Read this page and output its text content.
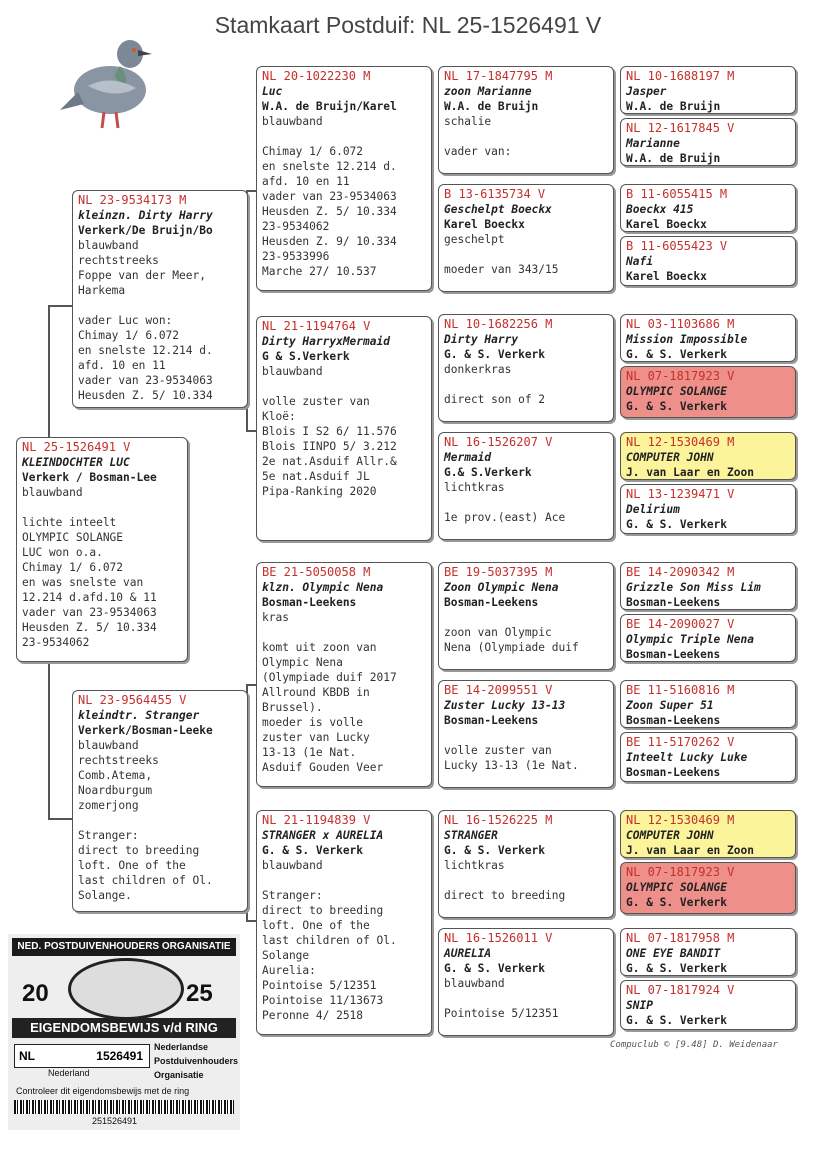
Stamkaart Postduif: NL 25-1526491 V
NL 25-1526491 V
KLEINDOCHTER LUC
Verkerk / Bosman-Lee
blauwband
lichte inteelt
OLYMPIC SOLANGE
LUC won o.a.
Chimay 1/ 6.072
en was snelste van
12.214 d.afd.10 & 11
vader van 23-9534063
Heusden Z. 5/ 10.334
23-9534062
NL 23-9534173 M
kleinzn. Dirty Harry
Verkerk/De Bruijn/Bo
blauwband
rechtstreeks
Foppe van der Meer,
Harkema
vader Luc won:
Chimay 1/ 6.072
en snelste 12.214 d.
afd. 10 en 11
vader van 23-9534063
Heusden Z. 5/ 10.334
NL 23-9564455 V
kleindtr. Stranger
Verkerk/Bosman-Leeke
blauwband
rechtstreeks
Comb.Atema,
Noardburgum
zomerjong
Stranger:
direct to breeding
loft. One of the
last children of Ol.
Solange.
NL 20-1022230 M
Luc
W.A. de Bruijn/Karel
blauwband
Chimay 1/ 6.072
en snelste 12.214 d.
afd. 10 en 11
vader van 23-9534063
Heusden Z. 5/ 10.334
23-9534062
Heusden Z. 9/ 10.334
23-9533996
Marche 27/ 10.537
NL 21-1194764 V
Dirty HarryxMermaid
G & S.Verkerk
blauwband
volle zuster van
Kloë:
Blois I S2 6/ 11.576
Blois IINPO 5/ 3.212
2e nat.Asduif Allr.&
5e nat.Asduif JL
Pipa-Ranking 2020
BE 21-5050058 M
klzn. Olympic Nena
Bosman-Leekens
kras
komt uit zoon van
Olympic Nena
(Olympiade duif 2017
Allround KBDB in
Brussel).
moeder is volle
zuster van Lucky
13-13 (1e Nat.
Asduif Gouden Veer
NL 21-1194839 V
STRANGER x AURELIA
G. & S. Verkerk
blauwband
Stranger:
direct to breeding
loft. One of the
last children of Ol.
Solange
Aurelia:
Pointoise 5/12351
Pointoise 11/13673
Peronne 4/ 2518
NL 17-1847795 M
zoon Marianne
W.A. de Bruijn
schalie
vader van:
B 13-6135734 V
Geschelpt Boeckx
Karel Boeckx
geschelpt
moeder van 343/15
NL 10-1682256 M
Dirty Harry
G. & S. Verkerk
donkerkras
direct son of 2
NL 16-1526207 V
Mermaid
G.& S.Verkerk
lichtkras
1e prov.(east) Ace
BE 19-5037395 M
Zoon Olympic Nena
Bosman-Leekens
zoon van Olympic
Nena (Olympiade duif
BE 14-2099551 V
Zuster Lucky 13-13
Bosman-Leekens
volle zuster van
Lucky 13-13 (1e Nat.
NL 16-1526225 M
STRANGER
G. & S. Verkerk
lichtkras
direct to breeding
NL 16-1526011 V
AURELIA
G. & S. Verkerk
blauwband
Pointoise 5/12351
NL 10-1688197 M
Jasper
W.A. de Bruijn
NL 12-1617845 V
Marianne
W.A. de Bruijn
B 11-6055415 M
Boeckx 415
Karel Boeckx
B 11-6055423 V
Nafi
Karel Boeckx
NL 03-1103686 M
Mission Impossible
G. & S. Verkerk
NL 07-1817923 V
OLYMPIC SOLANGE
G. & S. Verkerk
NL 12-1530469 M
COMPUTER JOHN
J. van Laar en Zoon
NL 13-1239471 V
Delirium
G. & S. Verkerk
BE 14-2090342 M
Grizzle Son Miss Lim
Bosman-Leekens
BE 14-2090027 V
Olympic Triple Nena
Bosman-Leekens
BE 11-5160816 M
Zoon Super 51
Bosman-Leekens
BE 11-5170262 V
Inteelt Lucky Luke
Bosman-Leekens
NL 12-1530469 M
COMPUTER JOHN
J. van Laar en Zoon
NL 07-1817923 V
OLYMPIC SOLANGE
G. & S. Verkerk
NL 07-1817958 M
ONE EYE BANDIT
G. & S. Verkerk
NL 07-1817924 V
SNIP
G. & S. Verkerk
Compuclub © [9.48] D. Weidenaar
NED. POSTDUIVENHOUDERS ORGANISATIE
20	25
EIGENDOMSBEWIJS v/d RING
NL	1526491
Nederland
Nederlandse
Postduivenhouders
Organisatie
Controleer dit eigendomsbewijs met de ring
251526491
